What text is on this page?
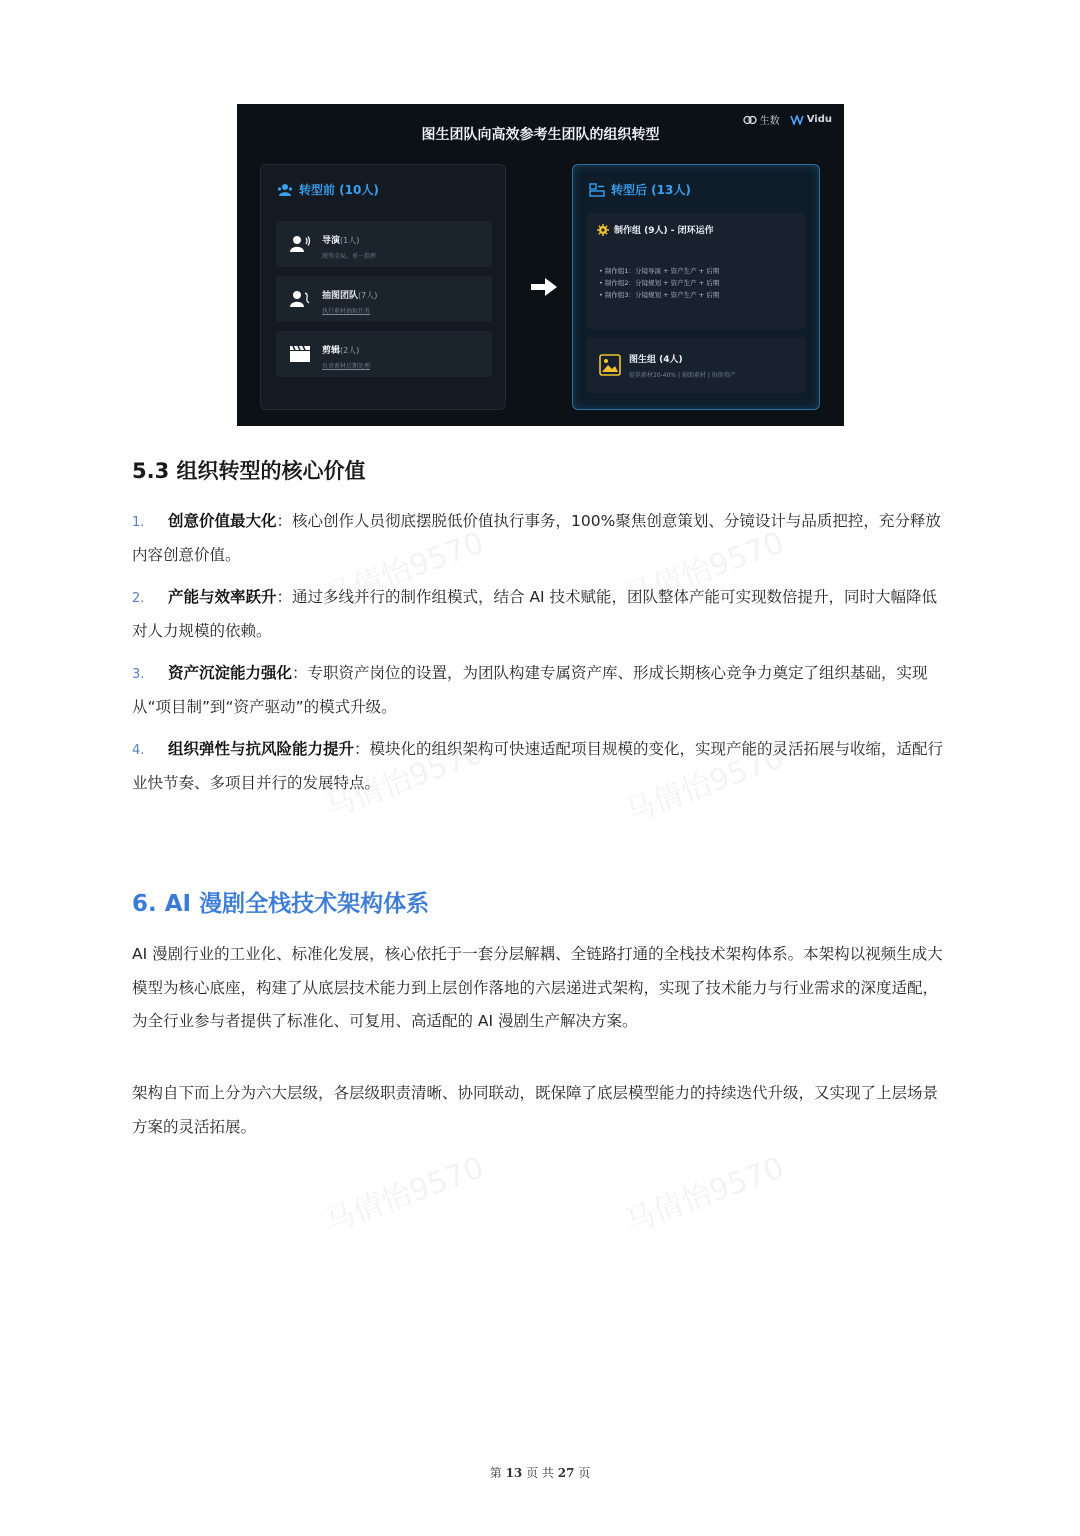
马倩怡9570	马倩怡9570
马倩怡9570	马倩怡9570
马倩怡9570	马倩怡9570
图生团队向高效参考生团队的组织转型
生数	Vidu
转型前 (10人)
导演(1人)
统筹全局，单一指挥
抽图团队(7人)
执行素材抽取任务
剪辑(2人)
负责素材后期处理
转型后 (13人)
制作组 (9人) - 闭环运作
• 制作组1：分镜导演 + 资产生产 + 后期
• 制作组2：分镜规划 + 资产生产 + 后期
• 制作组3：分镜规划 + 资产生产 + 后期
图生组 (4人)
提供素材20-40% | 辅助素材 | 协助资产
5.3 组织转型的核心价值
1. 创意价值最大化：核心创作人员彻底摆脱低价值执行事务，100%聚焦创意策划、分镜设计与品质把控，充分释放内容创意价值。
2. 产能与效率跃升：通过多线并行的制作组模式，结合 AI 技术赋能，团队整体产能可实现数倍提升，同时大幅降低对人力规模的依赖。
3. 资产沉淀能力强化：专职资产岗位的设置，为团队构建专属资产库、形成长期核心竞争力奠定了组织基础，实现从“项目制”到“资产驱动”的模式升级。
4. 组织弹性与抗风险能力提升：模块化的组织架构可快速适配项目规模的变化，实现产能的灵活拓展与收缩，适配行业快节奏、多项目并行的发展特点。
6. AI 漫剧全栈技术架构体系

AI 漫剧行业的工业化、标准化发展，核心依托于一套分层解耦、全链路打通的全栈技术架构体系。本架构以视频生成大模型为核心底座，构建了从底层技术能力到上层创作落地的六层递进式架构，实现了技术能力与行业需求的深度适配，为全行业参与者提供了标准化、可复用、高适配的 AI 漫剧生产解决方案。

架构自下而上分为六大层级，各层级职责清晰、协同联动，既保障了底层模型能力的持续迭代升级，又实现了上层场景方案的灵活拓展。

第 13 页 共 27 页
